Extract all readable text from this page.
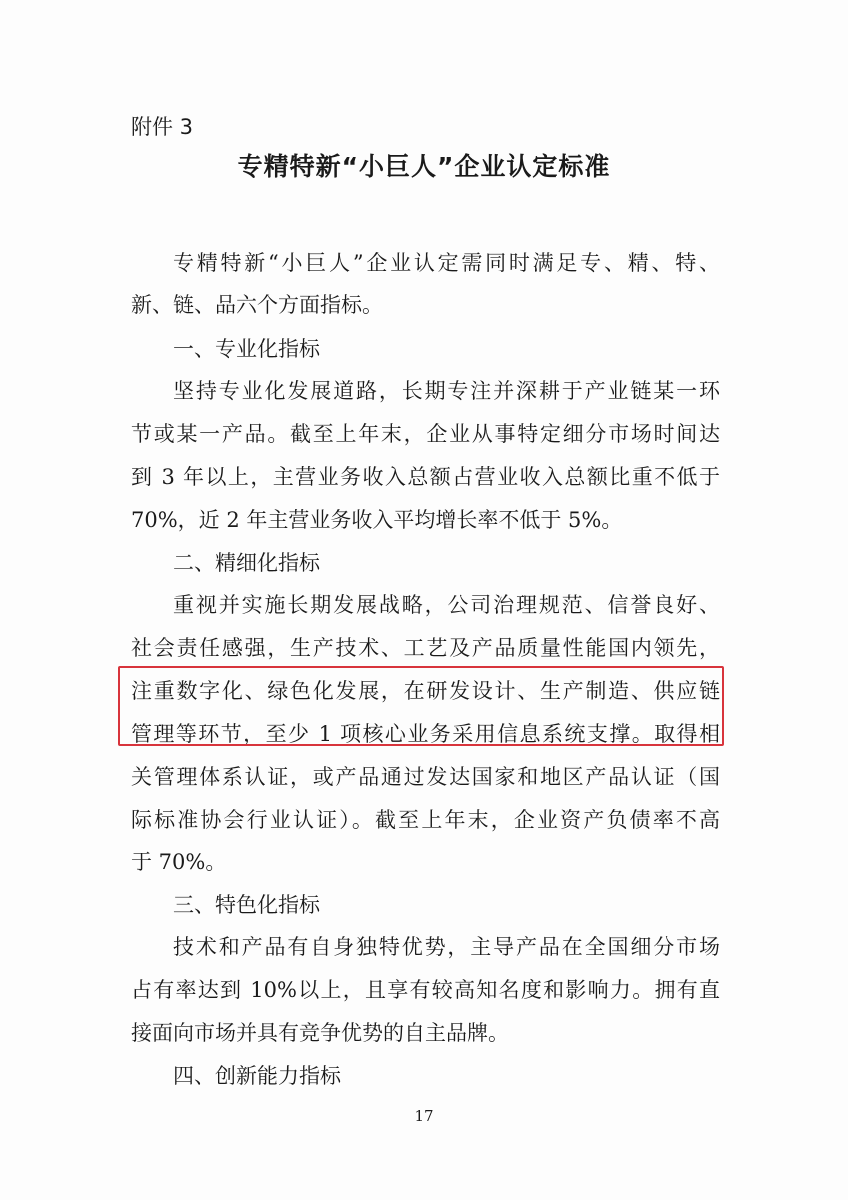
附件 3
专精特新“小巨人”企业认定标准
专精特新“小巨人”企业认定需同时满足专、精、特、
新、链、品六个方面指标。
一、专业化指标
坚持专业化发展道路，长期专注并深耕于产业链某一环
节或某一产品。截至上年末，企业从事特定细分市场时间达
到 3 年以上，主营业务收入总额占营业收入总额比重不低于
70%，近 2 年主营业务收入平均增长率不低于 5%。
二、精细化指标
重视并实施长期发展战略，公司治理规范、信誉良好、
社会责任感强，生产技术、工艺及产品质量性能国内领先，
注重数字化、绿色化发展，在研发设计、生产制造、供应链
管理等环节，至少 1 项核心业务采用信息系统支撑。取得相
关管理体系认证，或产品通过发达国家和地区产品认证（国
际标准协会行业认证）。截至上年末，企业资产负债率不高
于 70%。
三、特色化指标
技术和产品有自身独特优势，主导产品在全国细分市场
占有率达到 10%以上，且享有较高知名度和影响力。拥有直
接面向市场并具有竞争优势的自主品牌。
四、创新能力指标
17
